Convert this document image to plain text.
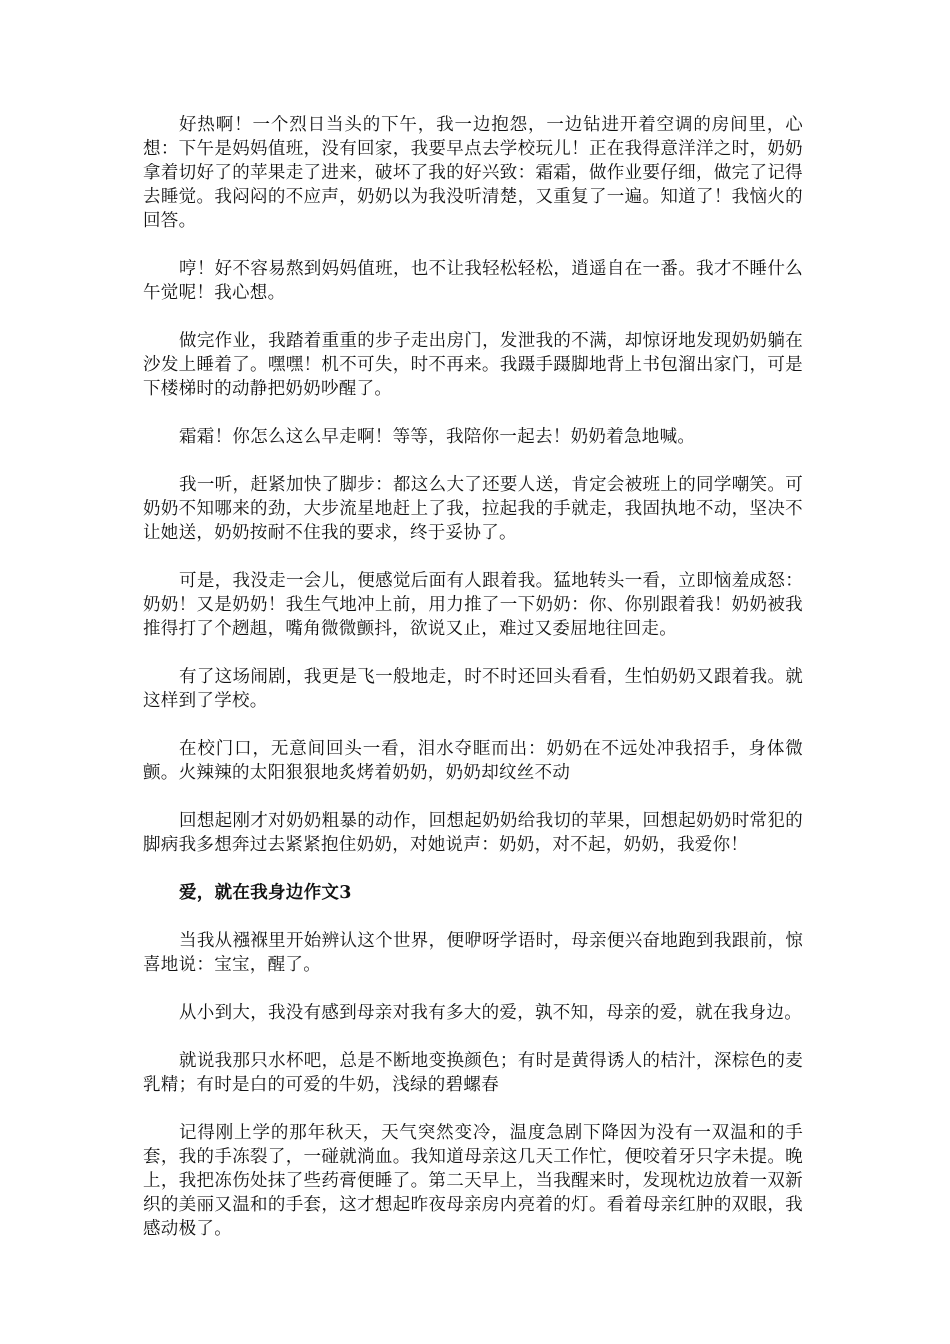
好热啊！一个烈日当头的下午，我一边抱怨，一边钻进开着空调的房间里，心想：下午是妈妈值班，没有回家，我要早点去学校玩儿！正在我得意洋洋之时，奶奶拿着切好了的苹果走了进来，破坏了我的好兴致：霜霜，做作业要仔细，做完了记得去睡觉。我闷闷的不应声，奶奶以为我没听清楚，又重复了一遍。知道了！我恼火的回答。

哼！好不容易熬到妈妈值班，也不让我轻松轻松，逍遥自在一番。我才不睡什么午觉呢！我心想。

做完作业，我踏着重重的步子走出房门，发泄我的不满，却惊讶地发现奶奶躺在沙发上睡着了。嘿嘿！机不可失，时不再来。我蹑手蹑脚地背上书包溜出家门，可是下楼梯时的动静把奶奶吵醒了。

霜霜！你怎么这么早走啊！等等，我陪你一起去！奶奶着急地喊。

我一听，赶紧加快了脚步：都这么大了还要人送，肯定会被班上的同学嘲笑。可奶奶不知哪来的劲，大步流星地赶上了我，拉起我的手就走，我固执地不动，坚决不让她送，奶奶按耐不住我的要求，终于妥协了。

可是，我没走一会儿，便感觉后面有人跟着我。猛地转头一看，立即恼羞成怒：奶奶！又是奶奶！我生气地冲上前，用力推了一下奶奶：你、你别跟着我！奶奶被我推得打了个趔趄，嘴角微微颤抖，欲说又止，难过又委屈地往回走。

有了这场闹剧，我更是飞一般地走，时不时还回头看看，生怕奶奶又跟着我。就这样到了学校。

在校门口，无意间回头一看，泪水夺眶而出：奶奶在不远处冲我招手，身体微颤。火辣辣的太阳狠狠地炙烤着奶奶，奶奶却纹丝不动

回想起刚才对奶奶粗暴的动作，回想起奶奶给我切的苹果，回想起奶奶时常犯的脚病我多想奔过去紧紧抱住奶奶，对她说声：奶奶，对不起，奶奶，我爱你！

爱，就在我身边作文3

当我从襁褓里开始辨认这个世界，便咿呀学语时，母亲便兴奋地跑到我跟前，惊喜地说：宝宝，醒了。

从小到大，我没有感到母亲对我有多大的爱，孰不知，母亲的爱，就在我身边。

就说我那只水杯吧，总是不断地变换颜色；有时是黄得诱人的桔汁，深棕色的麦乳精；有时是白的可爱的牛奶，浅绿的碧螺春

记得刚上学的那年秋天，天气突然变冷，温度急剧下降因为没有一双温和的手套，我的手冻裂了，一碰就淌血。我知道母亲这几天工作忙，便咬着牙只字未提。晚上，我把冻伤处抹了些药膏便睡了。第二天早上，当我醒来时，发现枕边放着一双新织的美丽又温和的手套，这才想起昨夜母亲房内亮着的灯。看着母亲红肿的双眼，我感动极了。
